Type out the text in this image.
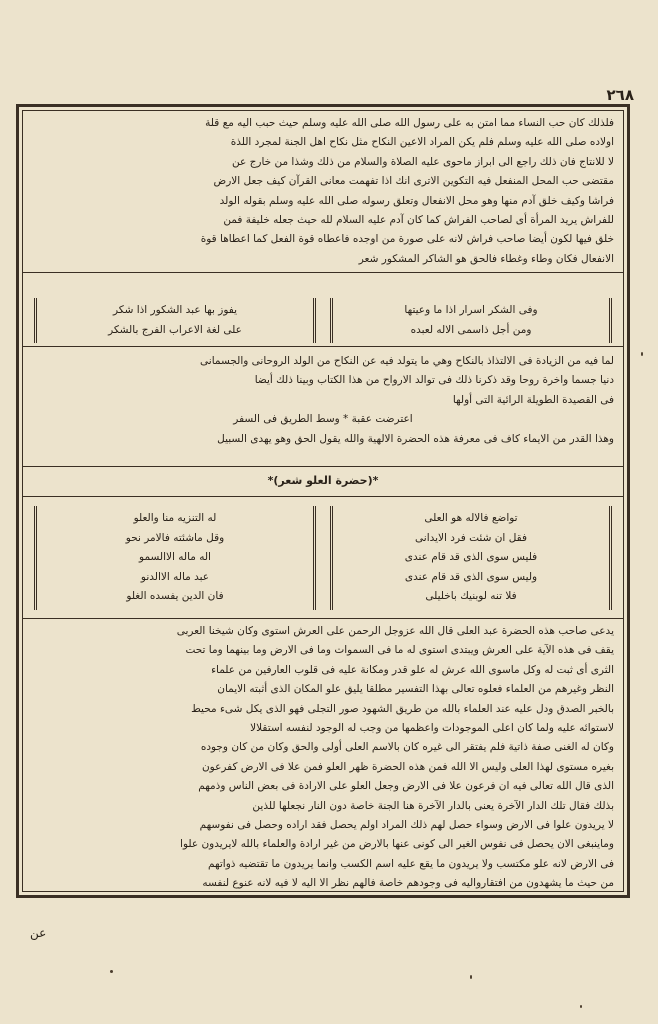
٢٦٨
فلذلك كان حب النساء مما امتن به على رسول الله صلى الله عليه وسلم حيث حبب اليه مع قلة
اولاده صلى الله عليه وسلم فلم يكن المراد الاعين النكاح مثل نكاح اهل الجنة لمجرد اللذة
لا للانتاج فان ذلك راجع الى ابراز ماحوى عليه الصلاة والسلام من ذلك وشذا من خارج عن
مقتضى حب المحل المنفعل فيه التكوين الاترى انك اذا تفهمت معانى القرآن كيف جعل الارض
فراشا وكيف خلق آدم منها وهو محل الانفعال وتعلق رسوله صلى الله عليه وسلم بقوله الولد
للفراش يريد المرأة أى لصاحب الفراش كما كان آدم عليه السلام لله حيث جعله خليفة فمن
خلق فيها لكون أيضا صاحب فراش لانه على صورة من اوجده فاعطاه قوة الفعل كما اعطاها قوة
الانفعال فكان وطاء وغطاء فالحق هو الشاكر المشكور شعر
وفى الشكر اسرار اذا ما وعيتها
ومن أجل ذاسمى الاله لعبده
يفوز بها عبد الشكور اذا شكر
على لغة الاعراب الفرج بالشكر
لما فيه من الزيادة فى الالتذاذ بالنكاح وهي ما يتولد فيه عن النكاح من الولد الروحانى والجسمانى
دنيا جسما واخرة روحا وقد ذكرنا ذلك فى توالد الارواح من هذا الكتاب وبينا ذلك أيضا
فى القصيدة الطويلة الرائية التى أولها
اعترضت عقبة * وسط الطريق فى السفر
وهذا القدر من الايماء كاف فى معرفة هذه الحضرة الالهية والله يقول الحق وهو يهدى السبيل
*(حضرة العلو شعر)*
تواضع فالاله هو العلى
فقل ان شئت فرد الايدانى
فليس سوى الذى قد قام عندى
وليس سوى الذى قد قام عندى
فلا تنه لوبنيك باخليلى
له التنزيه منا والعلو
وقل ماشئته فالامر نحو
اله ماله الاالسمو
عبد ماله الاالدنو
فان الدين يفسده الغلو
يدعى صاحب هذه الحضرة عبد العلى قال الله عزوجل الرحمن على العرش استوى وكان شيخنا العربى
يقف فى هذه الآية على العرش ويبتدى استوى له ما فى السموات وما فى الارض وما بينهما وما تحت
الثرى أى ثبت له وكل ماسوى الله عرش له علو قدر ومكانة عليه فى قلوب العارفين من علماء
النظر وغيرهم من العلماء فعلوه تعالى بهذا التفسير مطلقا يليق علو المكان الذى أثبته الايمان
بالخبر الصدق ودل عليه عند العلماء بالله من طريق الشهود صور التجلى فهو الذى يكل شىء محيط
لاستوائه عليه ولما كان اعلى الموجودات واعظمها من وجب له الوجود لنفسه استقلالا
وكان له الغنى صفة ذاتية فلم يفتقر الى غيره كان بالاسم العلى أولى والحق وكان من كان وجوده
بغيره مستوى لهذا العلى وليس الا الله فمن هذه الحضرة ظهر العلو فمن علا فى الارض كفرعون
الذى قال الله تعالى فيه ان فرعون علا فى الارض وجعل العلو على الارادة فى بعض الناس وذمهم
بذلك فقال تلك الدار الآخرة يعنى بالدار الآخرة هنا الجنة خاصة دون النار نجعلها للذين
لا يريدون علوا فى الارض وسواء حصل لهم ذلك المراد اولم يحصل فقد اراده وحصل فى نفوسهم
وماينبغى الان يحصل فى نفوس الغير الى كونى عنها بالارض من غير ارادة والعلماء بالله لايريدون علوا
فى الارض لانه علو مكتسب ولا يريدون ما يقع عليه اسم الكسب وانما يريدون ما تقتضيه ذواتهم
من حيث ما يشهدون من افتقارواليه فى وجودهم خاصة فالهم نظر الا اليه لا فيه لانه عنوع لنفسه
عن
